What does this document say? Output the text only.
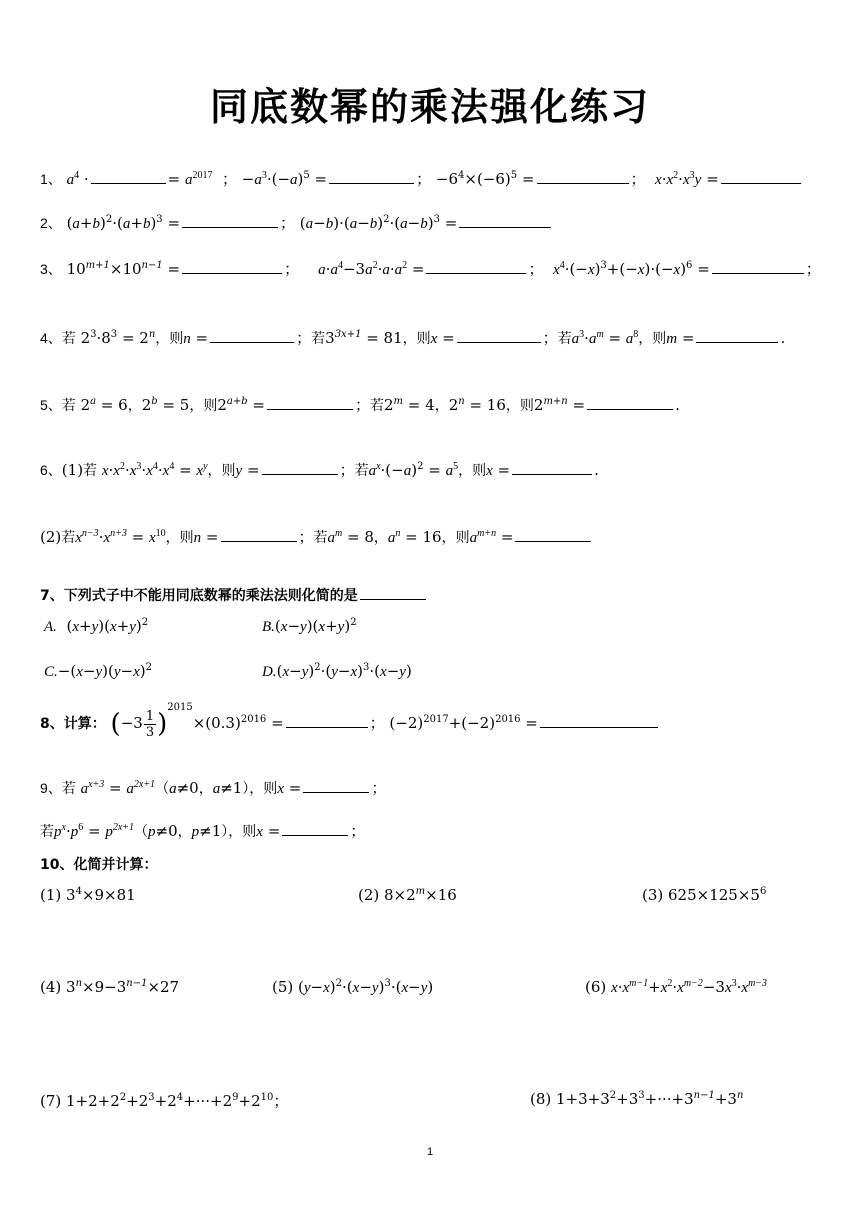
同底数幂的乘法强化练习
1、 $a^4$ ·	= $a^{2017}$  ； $-a^3\cdot(-a)^5$ =	； $-6^4\times(-6)^5$ =	；  $x\cdot x^2\cdot x^3y$ =
2、 $(a+b)^2\cdot(a+b)^3$ =	； $(a-b)\cdot(a-b)^2\cdot(a-b)^3$ =
3、 $10^{m+1}\times 10^{n-1}$ =	；    $a\cdot a^4-3a^2\cdot a\cdot a^2$ =	；  $x^4\cdot(-x)^3+(-x)\cdot(-x)^6$ =	；
4、若 $2^3\cdot 8^3 = 2^n$，则n =	；若$3^{3x+1} = 81$，则x =	；若$a^3\cdot a^m = a^8$，则m =	.
5、若 $2^a = 6$，$2^b = 5$，则$2^{a+b}$ =	；若$2^m = 4$，$2^n = 16$，则$2^{m+n}$ =	.
6、(1)若 $x\cdot x^2\cdot x^3\cdot x^4\cdot x^4 = x^y$，则y =	；若$a^x\cdot(-a)^2 = a^5$，则x =	.
(2)若$x^{n-3}\cdot x^{n+3} = x^{10}$，则n =	；若$a^m = 8$，$a^n = 16$，则$a^{m+n}$ =
7、下列式子中不能用同底数幂的乘法法则化简的是
A.  $(x+y)(x+y)^2$	$B.(x-y)(x+y)^2$
$C.-(x-y)(y-x)^2$	$D.(x-y)^2\cdot(y-x)^3\cdot(x-y)$
8、计算： $(-3 \frac{1}{3} )^{2015}\times(0.3)^{2016}$ =	； $(-2)^{2017}+(-2)^{2016}$ =
9、若 $a^{x+3} = a^{2x+1}(a\ne 0$，a≠1），则x =	；
若$p^x\cdot p^6 = p^{2x+1}(p\ne 0$，p≠1），则x =	；
10、化简并计算：
(1) $3^4\times 9\times 81$	(2) $8\times 2^m\times 16$	(3) $625\times 125\times 5^6$
(4) $3^n\times 9-3^{n-1}\times 27$	(5) $(y-x)^2\cdot(x-y)^3\cdot(x-y)$	(6) $x\cdot x^{m-1}+x^2\cdot x^{m-2}-3x^3\cdot x^{m-3}$
(7) $1+2+2^2+2^3+2^4+\cdot\cdot\cdot+2^9+2^{10}$；	(8) $1+3+3^2+3^3+\cdot\cdot\cdot+3^{n-1}+3^n$
1
